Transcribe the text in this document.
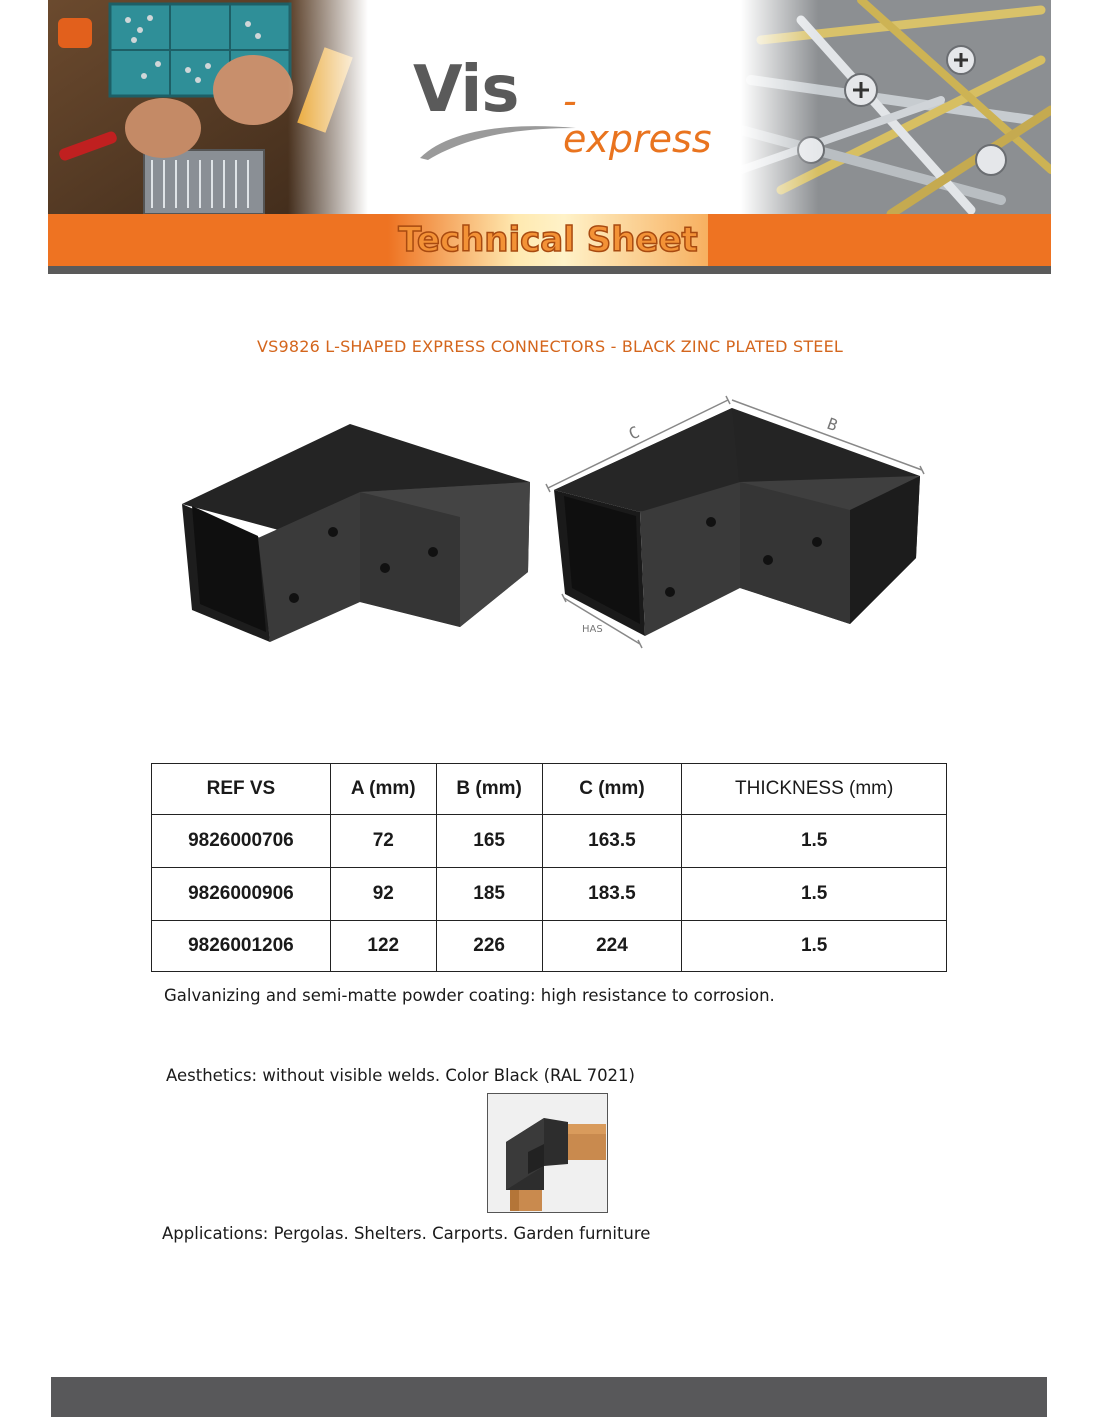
Vis -express
Technical Sheet
VS9826 L-SHAPED EXPRESS CONNECTORS - BLACK ZINC PLATED STEEL
C	B
HAS
REF VS	A (mm)	B (mm)	C (mm)	THICKNESS (mm)
9826000706	72	165	163.5	1.5
9826000906	92	185	183.5	1.5
9826001206	122	226	224	1.5
Galvanizing and semi-matte powder coating: high resistance to corrosion.
Aesthetics: without visible welds. Color Black (RAL 7021)
Applications: Pergolas. Shelters. Carports. Garden furniture
